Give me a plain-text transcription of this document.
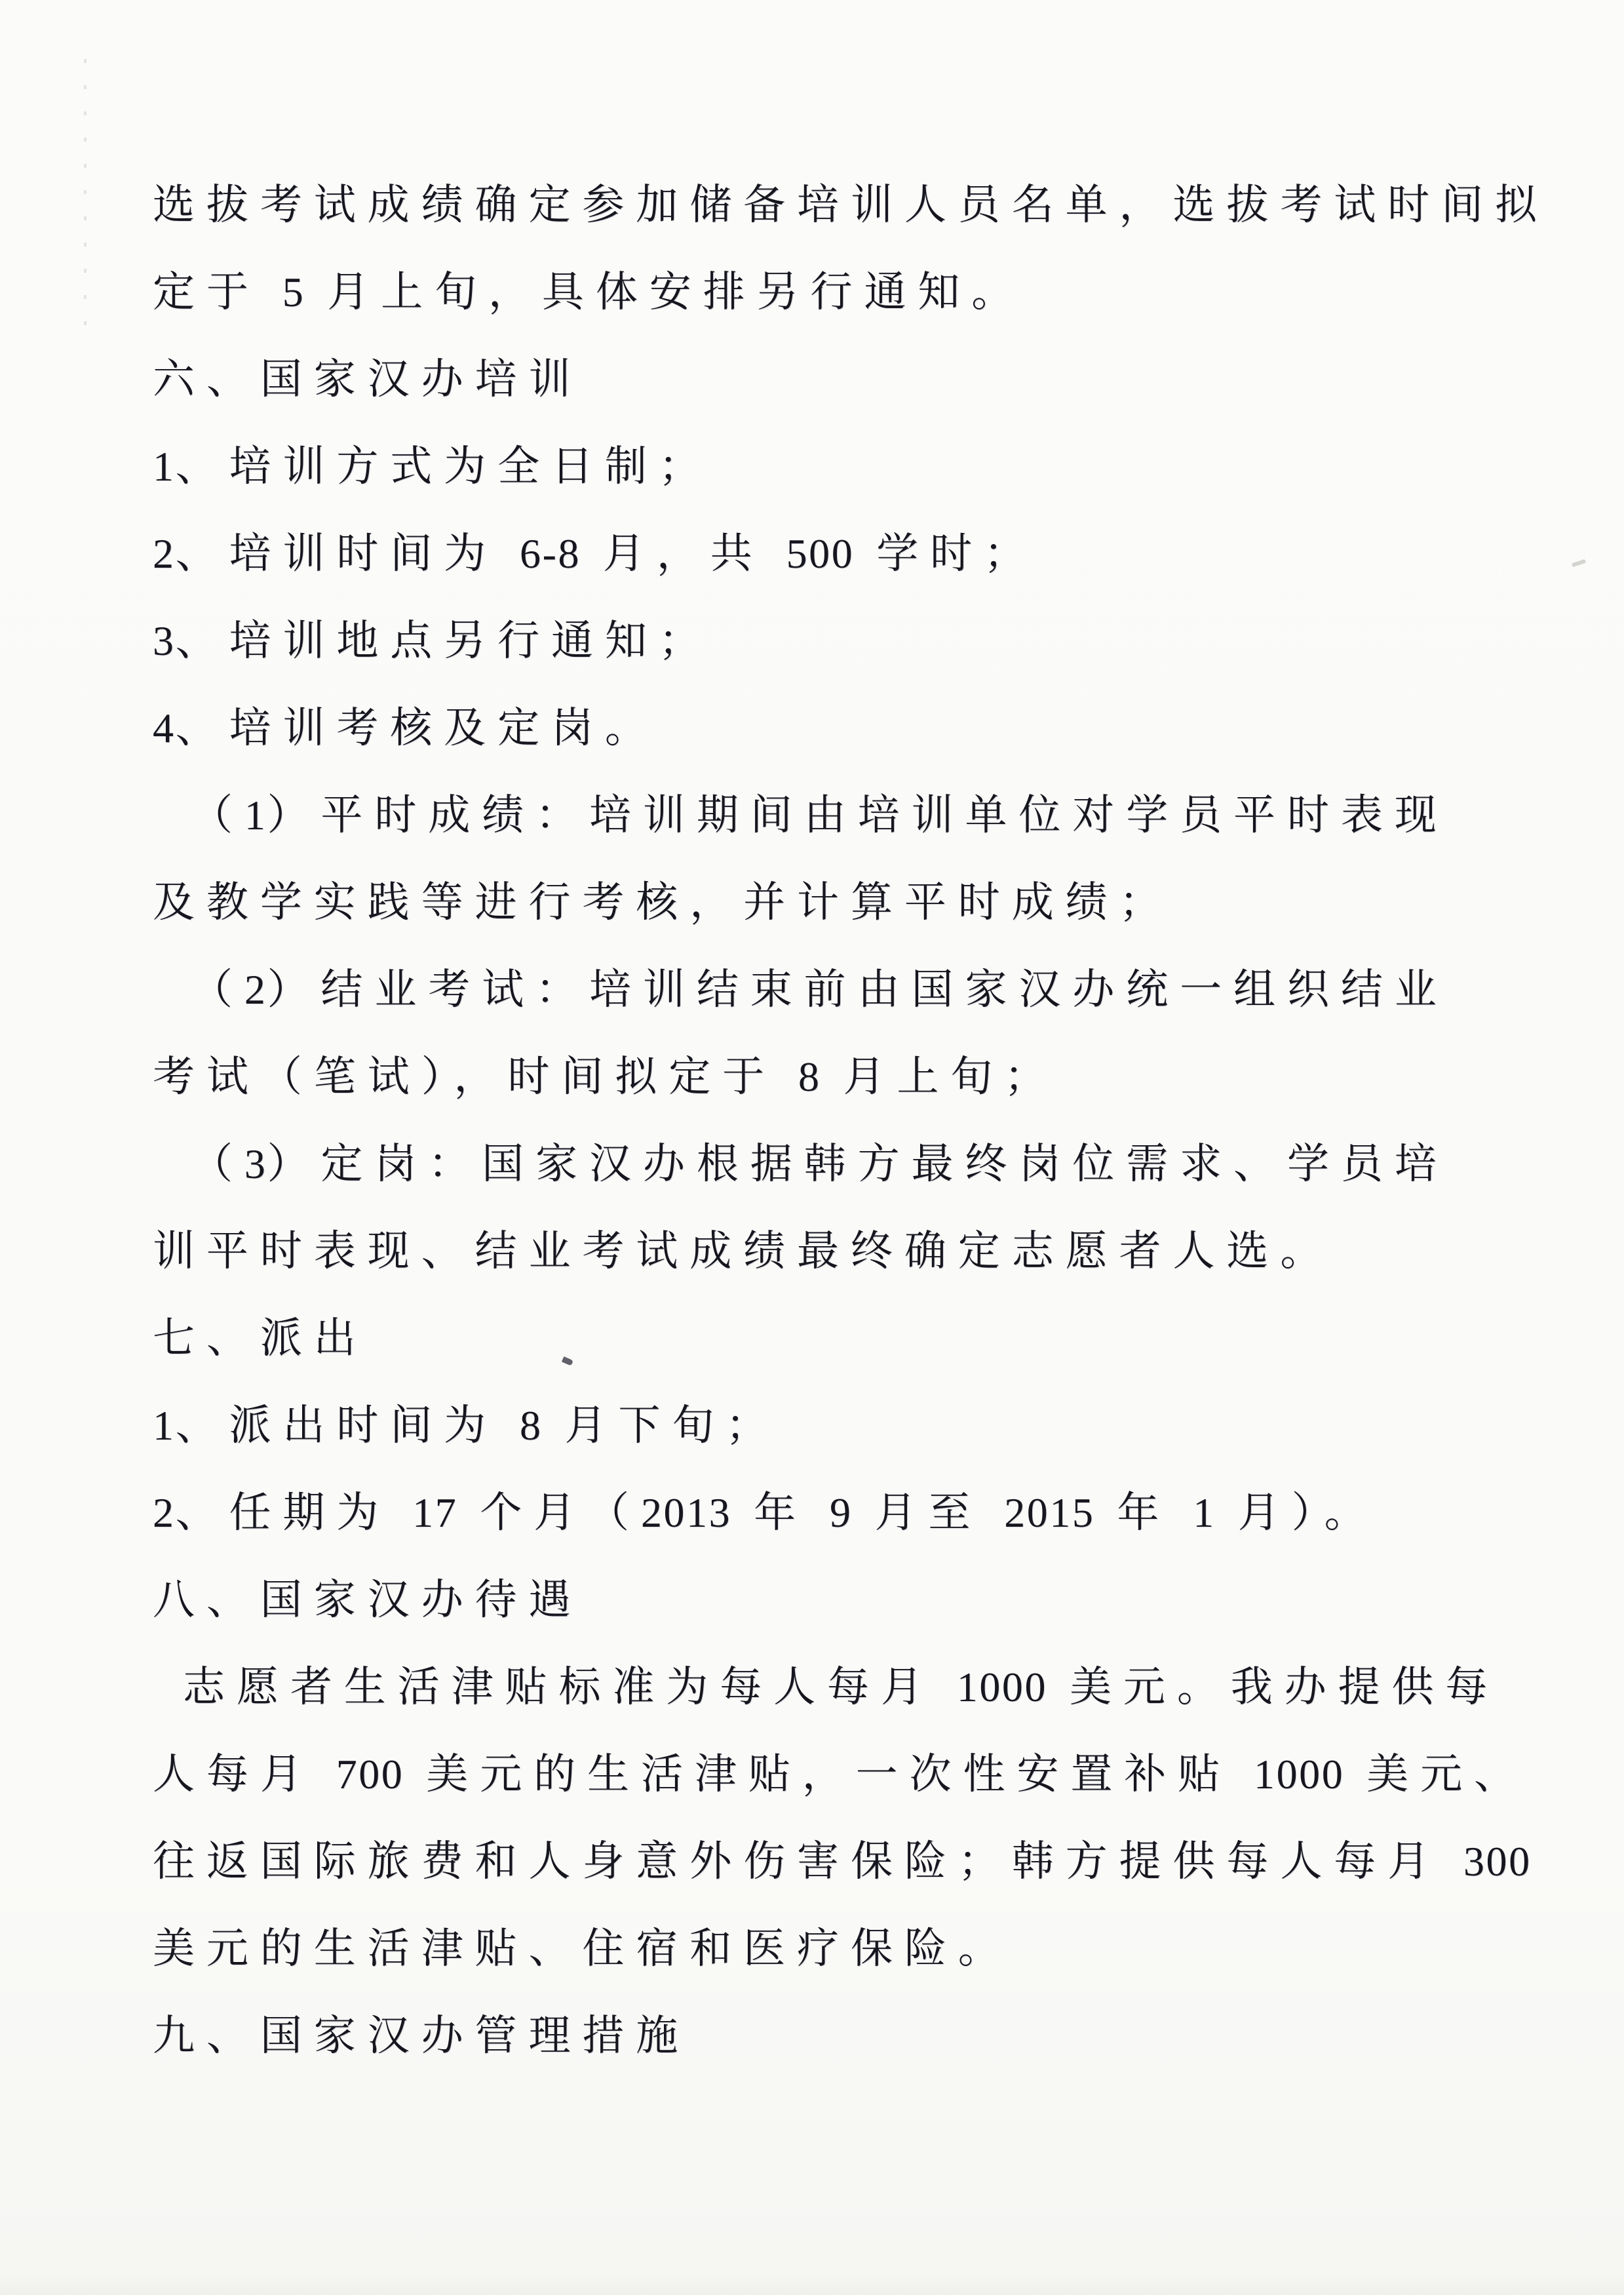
选拔考试成绩确定参加储备培训人员名单，选拔考试时间拟
定于 5 月上旬，具体安排另行通知。
六、国家汉办培训
1、培训方式为全日制；
2、培训时间为 6-8 月，共 500 学时；
3、培训地点另行通知；
4、培训考核及定岗。
（1）平时成绩：培训期间由培训单位对学员平时表现
及教学实践等进行考核，并计算平时成绩；
（2）结业考试：培训结束前由国家汉办统一组织结业
考试（笔试），时间拟定于 8 月上旬；
（3）定岗：国家汉办根据韩方最终岗位需求、学员培
训平时表现、结业考试成绩最终确定志愿者人选。
七、派出
1、派出时间为 8 月下旬；
2、任期为 17 个月（2013 年 9 月至 2015 年 1 月）。
八、国家汉办待遇
志愿者生活津贴标准为每人每月 1000 美元。我办提供每
人每月 700 美元的生活津贴，一次性安置补贴 1000 美元、
往返国际旅费和人身意外伤害保险；韩方提供每人每月 300
美元的生活津贴、住宿和医疗保险。
九、国家汉办管理措施
